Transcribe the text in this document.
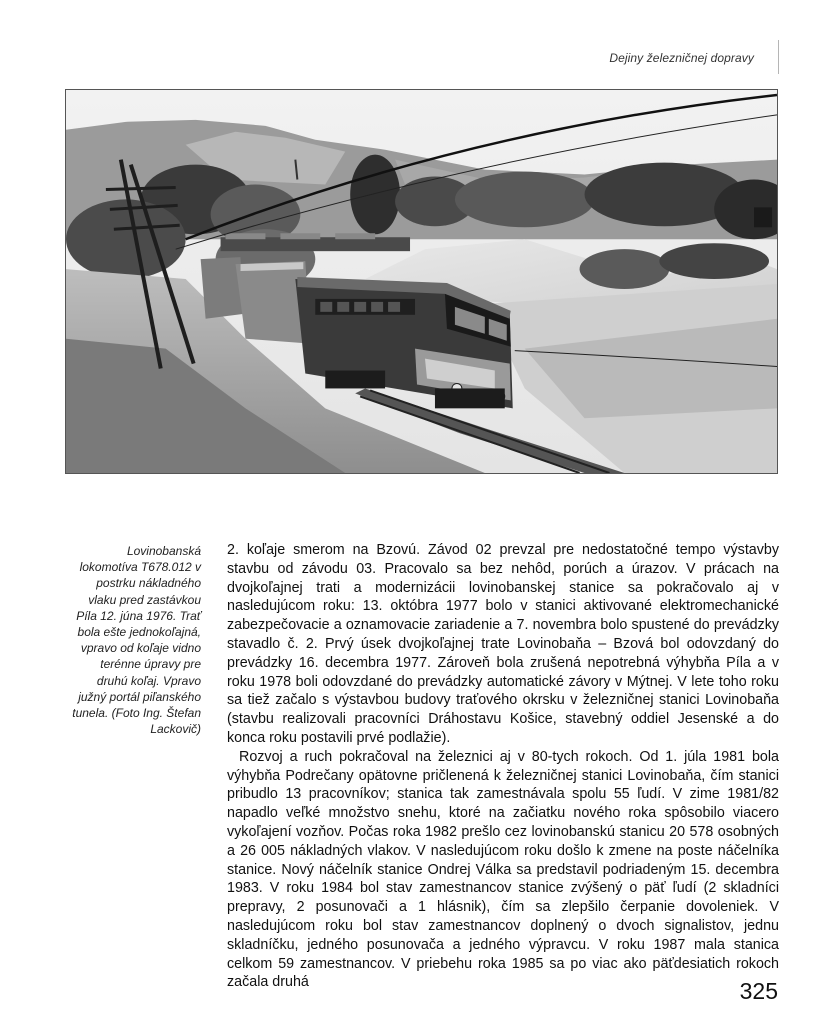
Dejiny železničnej dopravy
Lovinobanská lokomotíva T678.012 v postrku nákladného vlaku pred zastávkou Píla 12. júna 1976. Trať bola ešte jednokoľajná, vpravo od koľaje vidno terénne úpravy pre druhú koľaj. Vpravo južný portál piľanského tunela. (Foto Ing. Štefan Lackovič)

2. koľaje smerom na Bzovú. Závod 02 prevzal pre nedostatočné tempo výstavby stavbu od závodu 03. Pracovalo sa bez nehôd, porúch a úrazov. V prácach na dvojkoľajnej trati a modernizácii lovinobanskej stanice sa pokračovalo aj v nasledujúcom roku: 13. októbra 1977 bolo v stanici aktivované elektromechanické zabezpečovacie a oznamovacie zariadenie a 7. novembra bolo spustené do prevádzky stavadlo č. 2. Prvý úsek dvojkoľajnej trate Lovinobaňa – Bzová bol odovzdaný do prevádzky 16. decembra 1977. Zároveň bola zrušená nepotrebná výhybňa Píla a v roku 1978 boli odovzdané do prevádzky automatické závory v Mýtnej. V lete toho roku sa tiež začalo s výstavbou budovy traťového okrsku v železničnej stanici Lovinobaňa (stavbu realizovali pracovníci Dráhostavu Košice, stavebný oddiel Jesenské a do konca roku postavili prvé podlažie).

Rozvoj a ruch pokračoval na železnici aj v 80-tych rokoch. Od 1. júla 1981 bola výhybňa Podrečany opätovne pričlenená k železničnej stanici Lovinobaňa, čím stanici pribudlo 13 pracovníkov; stanica tak zamestnávala spolu 55 ľudí. V zime 1981/82 napadlo veľké množstvo snehu, ktoré na začiatku nového roka spôsobilo viacero vykoľajení vozňov. Počas roka 1982 prešlo cez lovinobanskú stanicu 20 578 osobných a 26 005 nákladných vlakov. V nasledujúcom roku došlo k zmene na poste náčelníka stanice. Nový náčelník stanice Ondrej Válka sa predstavil podriadeným 15. decembra 1983. V roku 1984 bol stav zamestnancov stanice zvýšený o päť ľudí (2 skladníci prepravy, 2 posunovači a 1 hlásnik), čím sa zlepšilo čerpanie dovoleniek. V nasledujúcom roku bol stav zamestnancov doplnený o dvoch signalistov, jednu skladníčku, jedného posunovača a jedného výpravcu. V roku 1987 mala stanica celkom 59 zamestnancov. V priebehu roka 1985 sa po viac ako päťdesiatich rokoch začala druhá	325
